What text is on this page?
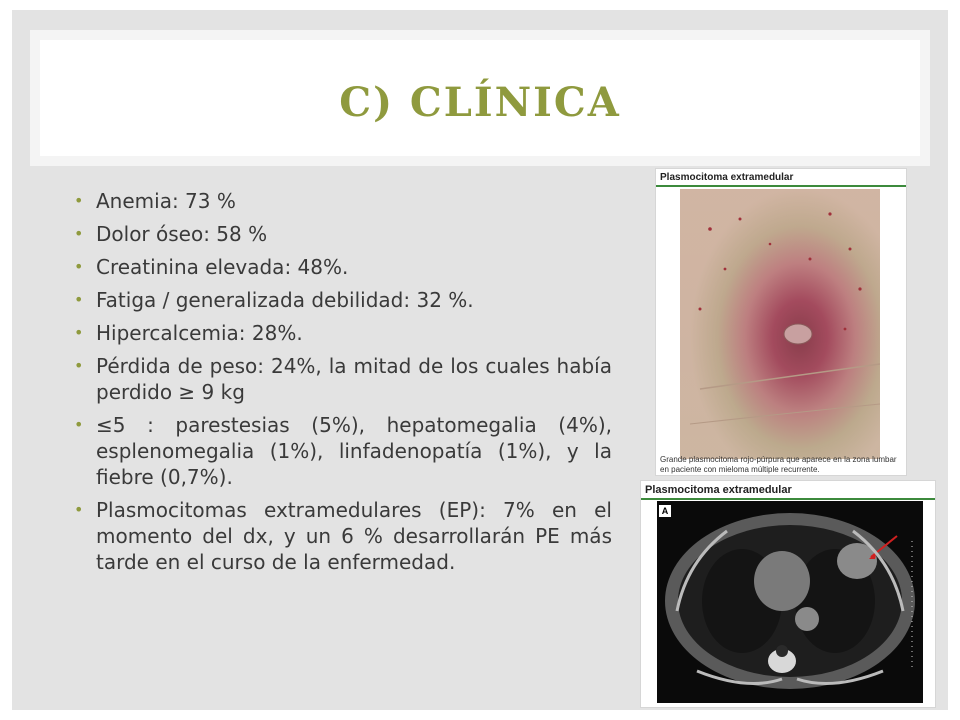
C) CLÍNICA
• Anemia: 73 %
• Dolor óseo: 58 %
• Creatinina elevada: 48%.
• Fatiga / generalizada debilidad: 32 %.
• Hipercalcemia: 28%.
• Pérdida de peso: 24%, la mitad de los cuales había perdido ≥ 9 kg
• ≤5 : parestesias (5%), hepatomegalia (4%), esplenomegalia (1%), linfadenopatía (1%), y la fiebre (0,7%).
• Plasmocitomas extramedulares (EP): 7% en el momento del dx, y un 6 % desarrollarán PE más tarde en el curso de la enfermedad.
Plasmocitoma extramedular
Grande plasmocitoma rojo-púrpura que aparece en la zona lumbar en paciente con mieloma múltiple recurrente.
Plasmocitoma extramedular
A
